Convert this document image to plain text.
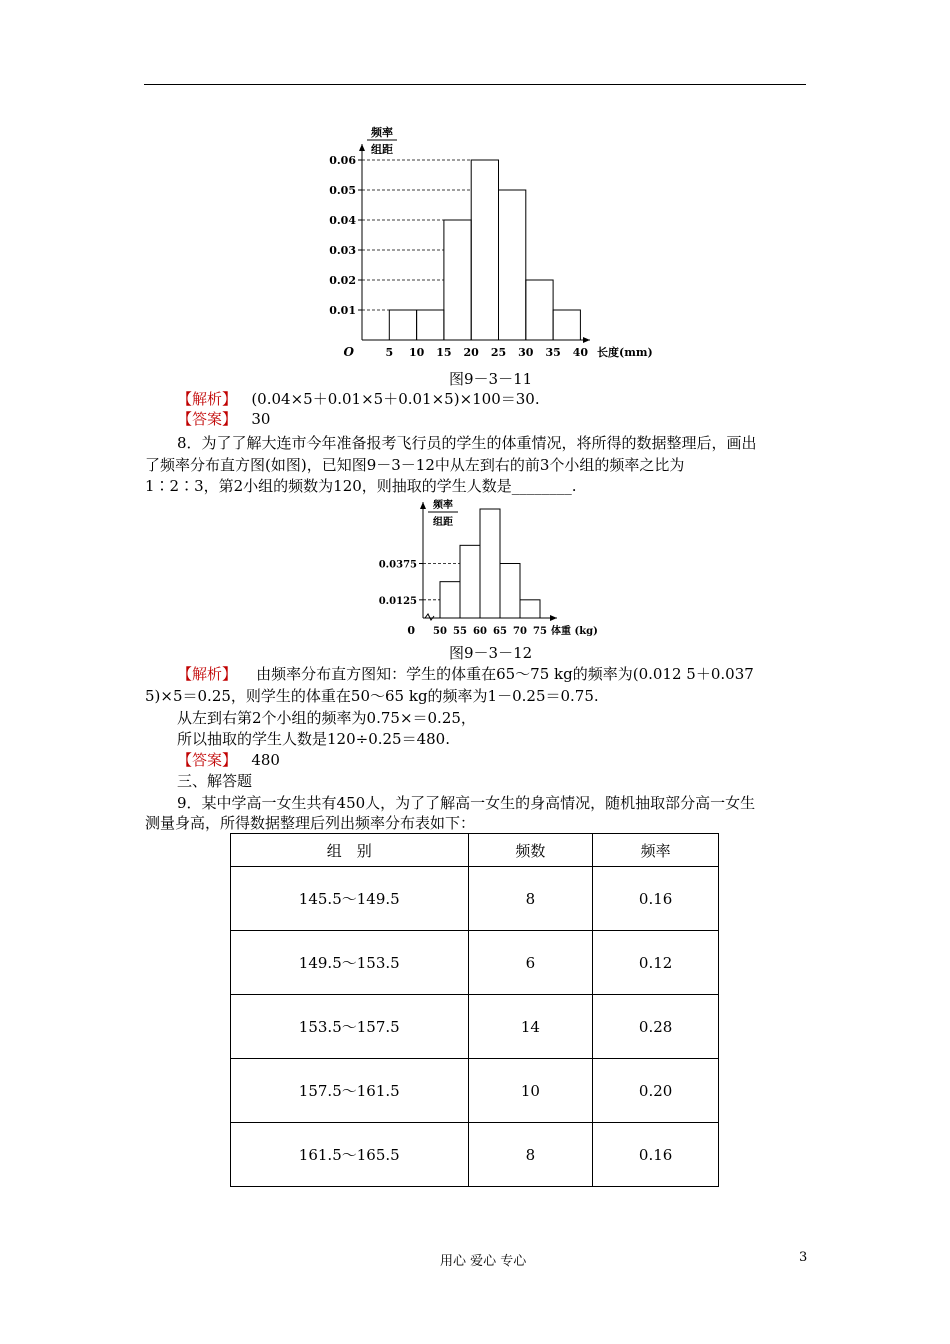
0.01
0.02
0.03
0.04
0.05
0.06
5 10 15 20 25 30 35 40
O	长度(mm)
频率
组距
图9－3－11
【解析】 (0.04×5＋0.01×5＋0.01×5)×100＝30.
【答案】 30
8．为了了解大连市今年准备报考飞行员的学生的体重情况，将所得的数据整理后，画出
了频率分布直方图(如图)，已知图9－3－12中从左到右的前3个小组的频率之比为
1∶2∶3，第2小组的频数为120，则抽取的学生人数是________.
0.0125
0.0375
50 55 60 65 70 75
0	体重 (kg)
频率
组距
图9－3－12
【解析】 由频率分布直方图知：学生的体重在65～75 kg的频率为(0.012 5＋0.037
5)×5＝0.25，则学生的体重在50～65 kg的频率为1－0.25＝0.75.
从左到右第2个小组的频率为0.75×＝0.25，
所以抽取的学生人数是120÷0.25＝480.
【答案】 480
三、解答题
9．某中学高一女生共有450人，为了了解高一女生的身高情况，随机抽取部分高一女生
测量身高，所得数据整理后列出频率分布表如下：
组　别	频数	频率
145.5～149.5	8	0.16
149.5～153.5	6	0.12
153.5～157.5	14	0.28
157.5～161.5	10	0.20
161.5～165.5	8	0.16
用心 爱心 专心	3
